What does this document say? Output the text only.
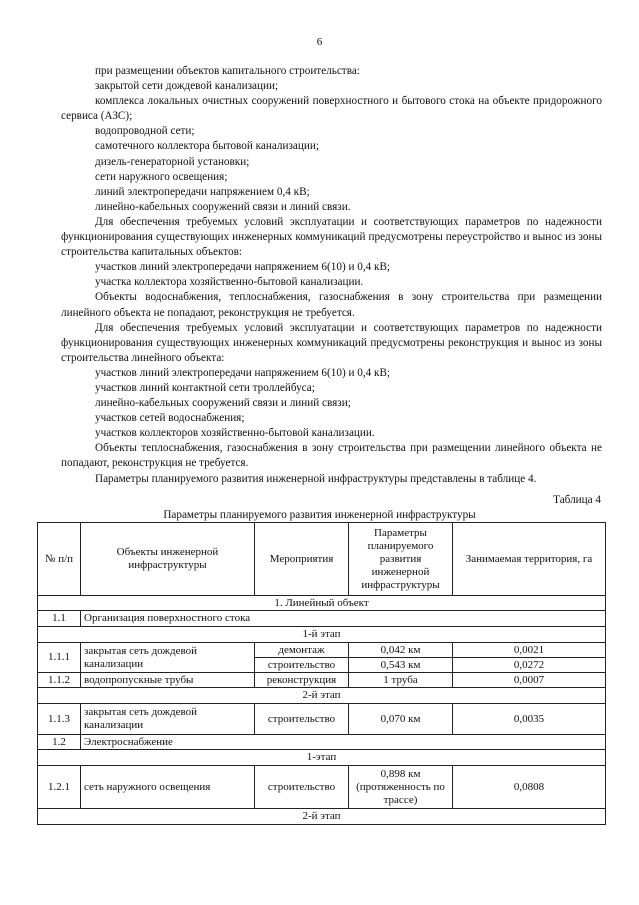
6

при размещении объектов капитального строительства:

закрытой сети дождевой канализации;

комплекса локальных очистных сооружений поверхностного и бытового стока на объекте придорожного сервиса (АЗС);

водопроводной сети;

самотечного коллектора бытовой канализации;

дизель-генераторной установки;

сети наружного освещения;

линий электропередачи напряжением 0,4 кВ;

линейно-кабельных сооружений связи и линий связи.

Для обеспечения требуемых условий эксплуатации и соответствующих параметров по надежности функционирования существующих инженерных коммуникаций предусмотрены переустройство и вынос из зоны строительства капитальных объектов:

участков линий электропередачи напряжением 6(10) и 0,4 кВ;

участка коллектора хозяйственно-бытовой канализации.

Объекты водоснабжения, теплоснабжения, газоснабжения в зону строительства при размещении линейного объекта не попадают, реконструкция не требуется.

Для обеспечения требуемых условий эксплуатации и соответствующих параметров по надежности функционирования существующих инженерных коммуникаций предусмотрены реконструкция и вынос из зоны строительства линейного объекта:

участков линий электропередачи напряжением 6(10) и 0,4 кВ;

участков линий контактной сети троллейбуса;

линейно-кабельных сооружений связи и линий связи;

участков сетей водоснабжения;

участков коллекторов хозяйственно-бытовой канализации.

Объекты теплоснабжения, газоснабжения в зону строительства при размещении линейного объекта не попадают, реконструкция не требуется.

Параметры планируемого развития инженерной инфраструктуры представлены в таблице 4.

Таблица 4
Параметры планируемого развития инженерной инфраструктуры
№ п/п	Объекты инженерной инфраструктуры	Мероприятия	Параметры планируемого развития инженерной инфраструктуры	Занимаемая территория, га
1. Линейный объект				
1.1	Организация поверхностного стока			
1-й этап				
1.1.1	закрытая сеть дождевой канализации	демонтаж	0,042 км	0,0021
		строительство	0,543 км	0,0272
1.1.2	водопропускные трубы	реконструкция	1 труба	0,0007
2-й этап				
1.1.3	закрытая сеть дождевой канализации	строительство	0,070 км	0,0035
1.2	Электроснабжение			
1-этап				
1.2.1	сеть наружного освещения	строительство	0,898 км (протяженность по трассе)	0,0808
2-й этап				
